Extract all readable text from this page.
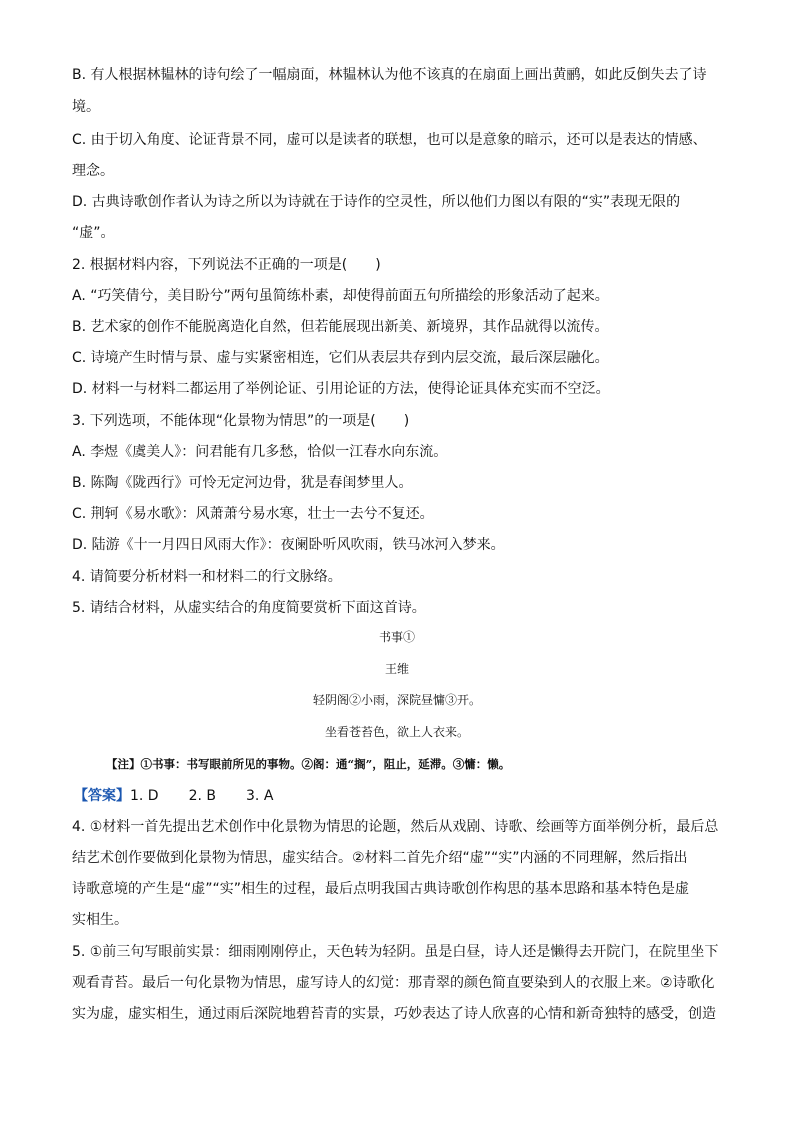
B. 有人根据林韫林的诗句绘了一幅扇面，林韫林认为他不该真的在扇面上画出黄鹂，如此反倒失去了诗
境。
C. 由于切入角度、论证背景不同，虚可以是读者的联想，也可以是意象的暗示，还可以是表达的情感、
理念。
D. 古典诗歌创作者认为诗之所以为诗就在于诗作的空灵性，所以他们力图以有限的“实”表现无限的
“虚”。
2. 根据材料内容，下列说法不正确的一项是(　　)
A. “巧笑倩兮，美目盼兮”两句虽简练朴素，却使得前面五句所描绘的形象活动了起来。
B. 艺术家的创作不能脱离造化自然，但若能展现出新美、新境界，其作品就得以流传。
C. 诗境产生时情与景、虚与实紧密相连，它们从表层共存到内层交流，最后深层融化。
D. 材料一与材料二都运用了举例论证、引用论证的方法，使得论证具体充实而不空泛。
3. 下列选项，不能体现“化景物为情思”的一项是(　　)
A. 李煜《虞美人》：问君能有几多愁，恰似一江春水向东流。
B. 陈陶《陇西行》可怜无定河边骨，犹是春闺梦里人。
C. 荆轲《易水歌》：风萧萧兮易水寒，壮士一去兮不复还。
D. 陆游《十一月四日风雨大作》：夜阑卧听风吹雨，铁马冰河入梦来。
4. 请简要分析材料一和材料二的行文脉络。
5. 请结合材料，从虚实结合的角度简要赏析下面这首诗。
书事①
王维
轻阴阁②小雨，深院昼慵③开。
坐看苍苔色，欲上人衣来。
【注】①书事：书写眼前所见的事物。②阁：通“搁”，阻止，延滞。③慵：懒。
【答案】1. D 2. B 3. A
4. ①材料一首先提出艺术创作中化景物为情思的论题，然后从戏剧、诗歌、绘画等方面举例分析，最后总
结艺术创作要做到化景物为情思，虚实结合。②材料二首先介绍“虚”“实”内涵的不同理解，然后指出
诗歌意境的产生是“虚”“实”相生的过程，最后点明我国古典诗歌创作构思的基本思路和基本特色是虚
实相生。
5. ①前三句写眼前实景：细雨刚刚停止，天色转为轻阴。虽是白昼，诗人还是懒得去开院门，在院里坐下
观看青苔。最后一句化景物为情思，虚写诗人的幻觉：那青翠的颜色简直要染到人的衣服上来。②诗歌化
实为虚，虚实相生，通过雨后深院地碧苔青的实景，巧妙表达了诗人欣喜的心情和新奇独特的感受，创造
